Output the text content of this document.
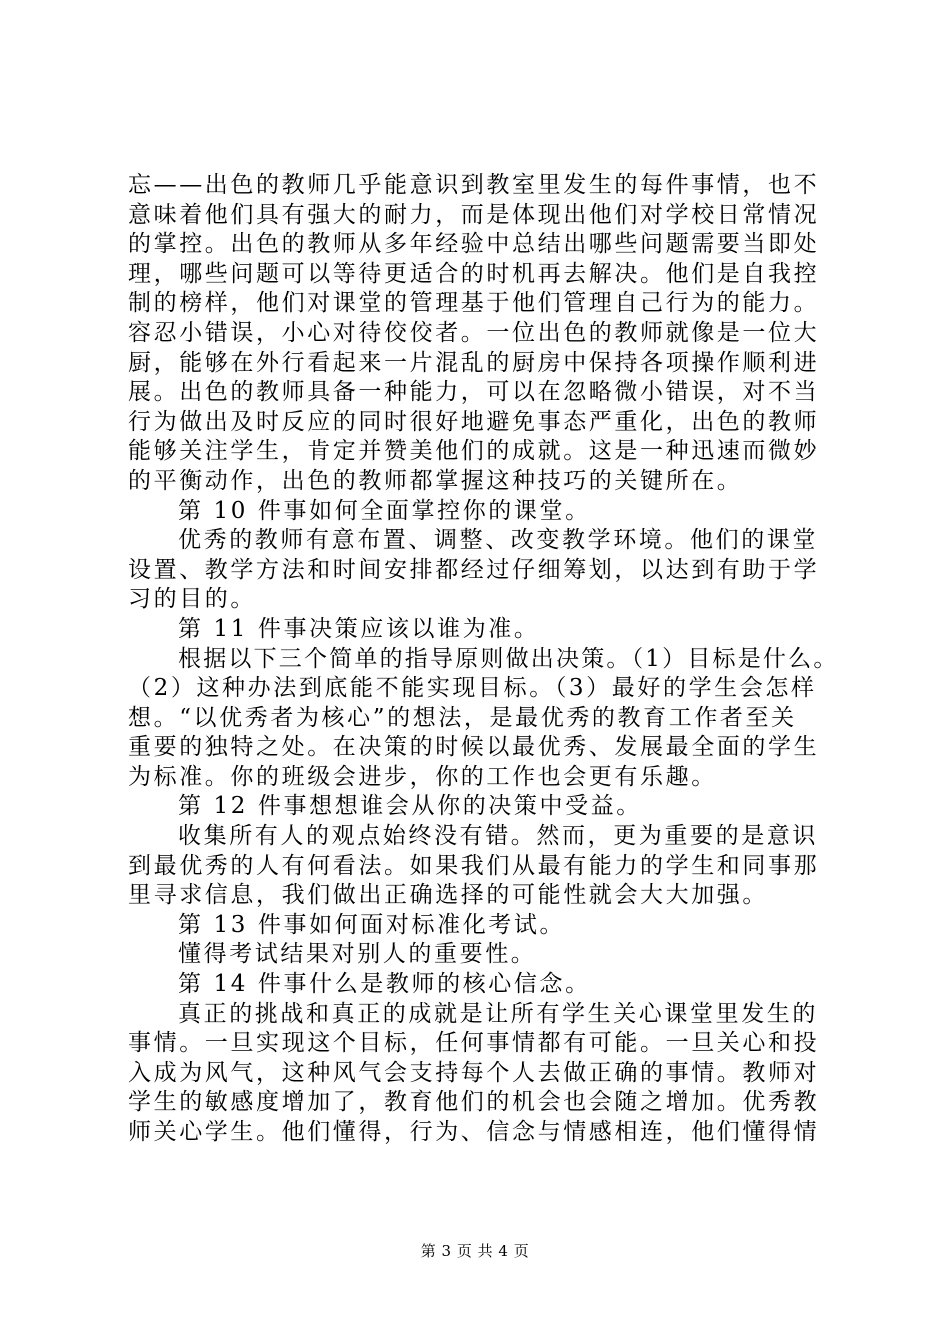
忘——出色的教师几乎能意识到教室里发生的每件事情，也不
意味着他们具有强大的耐力，而是体现出他们对学校日常情况
的掌控。出色的教师从多年经验中总结出哪些问题需要当即处
理，哪些问题可以等待更适合的时机再去解决。他们是自我控
制的榜样，他们对课堂的管理基于他们管理自己行为的能力。
容忍小错误，小心对待佼佼者。一位出色的教师就像是一位大
厨，能够在外行看起来一片混乱的厨房中保持各项操作顺利进
展。出色的教师具备一种能力，可以在忽略微小错误，对不当
行为做出及时反应的同时很好地避免事态严重化，出色的教师
能够关注学生，肯定并赞美他们的成就。这是一种迅速而微妙
的平衡动作，出色的教师都掌握这种技巧的关键所在。
第 10 件事如何全面掌控你的课堂。
优秀的教师有意布置、调整、改变教学环境。他们的课堂
设置、教学方法和时间安排都经过仔细筹划，以达到有助于学
习的目的。
第 11 件事决策应该以谁为准。
根据以下三个简单的指导原则做出决策。（1）目标是什么。
（2）这种办法到底能不能实现目标。（3）最好的学生会怎样
想。“以优秀者为核心”的想法，是最优秀的教育工作者至关
重要的独特之处。在决策的时候以最优秀、发展最全面的学生
为标准。你的班级会进步，你的工作也会更有乐趣。
第 12 件事想想谁会从你的决策中受益。
收集所有人的观点始终没有错。然而，更为重要的是意识
到最优秀的人有何看法。如果我们从最有能力的学生和同事那
里寻求信息，我们做出正确选择的可能性就会大大加强。
第 13 件事如何面对标准化考试。
懂得考试结果对别人的重要性。
第 14 件事什么是教师的核心信念。
真正的挑战和真正的成就是让所有学生关心课堂里发生的
事情。一旦实现这个目标，任何事情都有可能。一旦关心和投
入成为风气，这种风气会支持每个人去做正确的事情。教师对
学生的敏感度增加了，教育他们的机会也会随之增加。优秀教
师关心学生。他们懂得，行为、信念与情感相连，他们懂得情
第 3 页 共 4 页
